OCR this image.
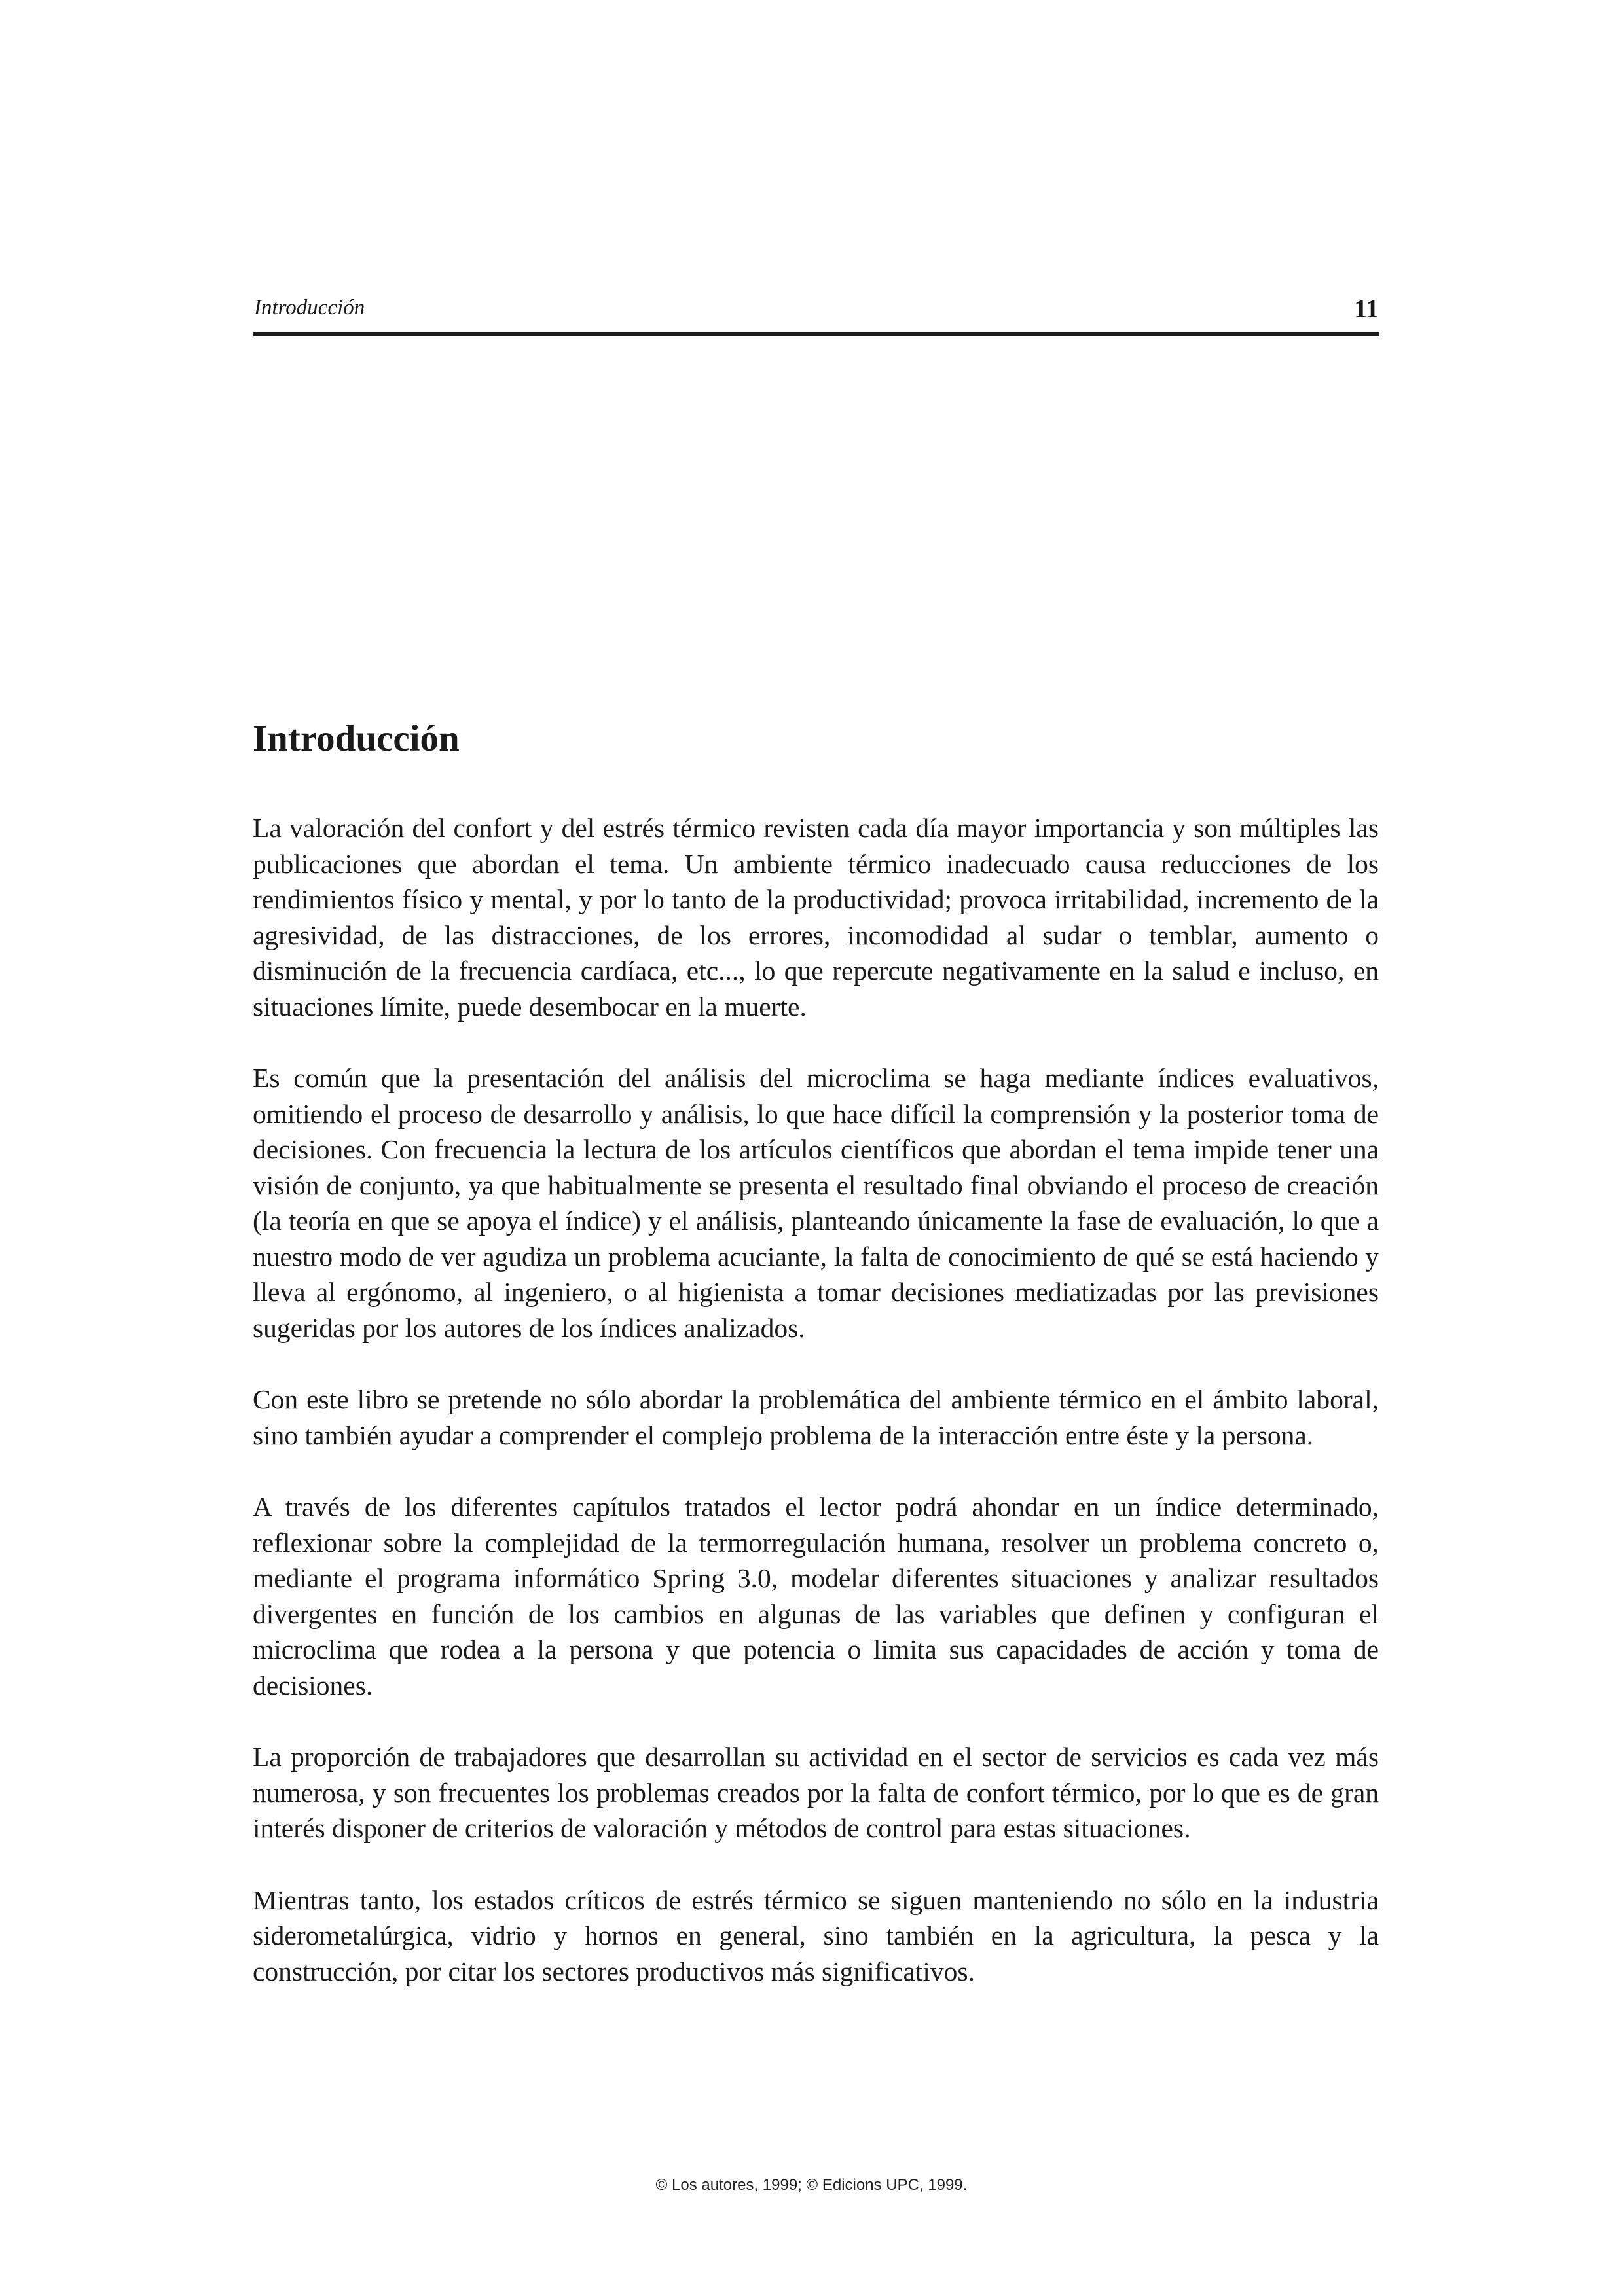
Introducción	11
Introducción

La valoración del confort y del estrés térmico revisten cada día mayor importancia y son múltiples las publicaciones que abordan el tema. Un ambiente térmico inadecuado causa reducciones de los rendimientos físico y mental, y por lo tanto de la productividad; provoca irritabilidad, incremento de la agresividad, de las distracciones, de los errores, incomodidad al sudar o temblar, aumento o disminución de la frecuencia cardíaca, etc..., lo que repercute negativamente en la salud e incluso, en situaciones límite, puede desembocar en la muerte.

Es común que la presentación del análisis del microclima se haga mediante índices evaluativos, omitiendo el proceso de desarrollo y análisis, lo que hace difícil la comprensión y la posterior toma de decisiones. Con frecuencia la lectura de los artículos científicos que abordan el tema impide tener una visión de conjunto, ya que habitualmente se presenta el resultado final obviando el proceso de creación (la teoría en que se apoya el índice) y el análisis, planteando únicamente la fase de evaluación, lo que a nuestro modo de ver agudiza un problema acuciante, la falta de conocimiento de qué se está haciendo y lleva al ergónomo, al ingeniero, o al higienista a tomar decisiones mediatizadas por las previsiones sugeridas por los autores de los índices analizados.

Con este libro se pretende no sólo abordar la problemática del ambiente térmico en el ámbito laboral, sino también ayudar a comprender el complejo problema de la interacción entre éste y la persona.

A través de los diferentes capítulos tratados el lector podrá ahondar en un índice determinado, reflexionar sobre la complejidad de la termorregulación humana, resolver un problema concreto o, mediante el programa informático Spring 3.0, modelar diferentes situaciones y analizar resultados divergentes en función de los cambios en algunas de las variables que definen y configuran el microclima que rodea a la persona y que potencia o limita sus capacidades de acción y toma de decisiones.

La proporción de trabajadores que desarrollan su actividad en el sector de servicios es cada vez más numerosa, y son frecuentes los problemas creados por la falta de confort térmico, por lo que es de gran interés disponer de criterios de valoración y métodos de control para estas situaciones.

Mientras tanto, los estados críticos de estrés térmico se siguen manteniendo no sólo en la industria siderometalúrgica, vidrio y hornos en general, sino también en la agricultura, la pesca y la construcción, por citar los sectores productivos más significativos.

© Los autores, 1999; © Edicions UPC, 1999.
